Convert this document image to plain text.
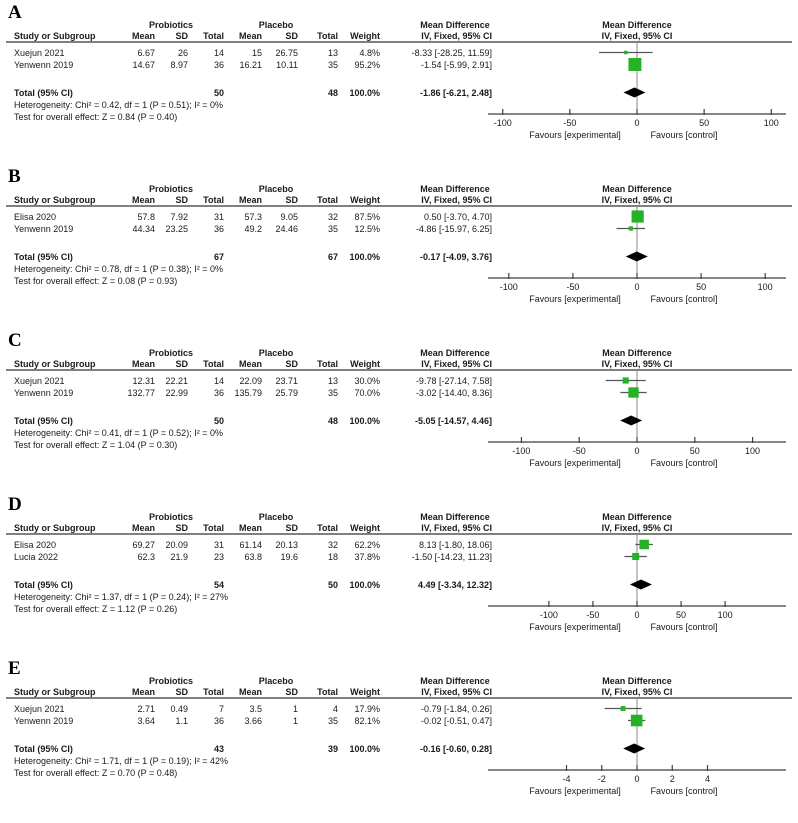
A
Probiotics	Placebo	Mean Difference	Mean Difference
Study or Subgroup	Mean SD Total Mean	SD Total Weight	IV, Fixed, 95% CI	IV, Fixed, 95% CI
Xuejun 2021	6.67	26	14	15 26.75	13 4.8%	-8.33 [-28.25, 11.59]
Yenwenn 2019	14.67 8.97	36 16.21 10.11	35 95.2%	-1.54 [-5.99, 2.91]
Total (95% CI)	50	48 100.0%	-1.86 [-6.21, 2.48]
Heterogeneity: Chi² = 0.42, df = 1 (P = 0.51); I² = 0%
Test for overall effect: Z = 0.84 (P = 0.40)
-100	-50	0	50	100
Favours [experimental]	Favours [control]
B
Probiotics	Placebo	Mean Difference	Mean Difference
Study or Subgroup	Mean SD Total Mean	SD Total Weight	IV, Fixed, 95% CI	IV, Fixed, 95% CI
Elisa 2020	57.8 7.92	31 57.3 9.05	32 87.5%	0.50 [-3.70, 4.70]
Yenwenn 2019	44.34 23.25	36 49.2 24.46	35 12.5%	-4.86 [-15.97, 6.25]
Total (95% CI)	67	67 100.0%	-0.17 [-4.09, 3.76]
Heterogeneity: Chi² = 0.78, df = 1 (P = 0.38); I² = 0%
Test for overall effect: Z = 0.08 (P = 0.93)
-100	-50	0	50	100
Favours [experimental]	Favours [control]
C
Probiotics	Placebo	Mean Difference	Mean Difference
Study or Subgroup	Mean SD Total Mean	SD Total Weight	IV, Fixed, 95% CI	IV, Fixed, 95% CI
Xuejun 2021	12.31 22.21	14 22.09 23.71	13 30.0%	-9.78 [-27.14, 7.58]
Yenwenn 2019	132.77 22.99	36 135.79 25.79	35 70.0%	-3.02 [-14.40, 8.36]
Total (95% CI)	50	48 100.0%	-5.05 [-14.57, 4.46]
Heterogeneity: Chi² = 0.41, df = 1 (P = 0.52); I² = 0%
Test for overall effect: Z = 1.04 (P = 0.30)
-100	-50	0	50	100
Favours [experimental]	Favours [control]
D
Probiotics	Placebo	Mean Difference	Mean Difference
Study or Subgroup	Mean SD Total Mean	SD Total Weight	IV, Fixed, 95% CI	IV, Fixed, 95% CI
Elisa 2020	69.27 20.09	31 61.14 20.13	32 62.2%	8.13 [-1.80, 18.06]
Lucia 2022	62.3 21.9	23 63.8 19.6	18 37.8%	-1.50 [-14.23, 11.23]
Total (95% CI)	54	50 100.0%	4.49 [-3.34, 12.32]
Heterogeneity: Chi² = 1.37, df = 1 (P = 0.24); I² = 27%
Test for overall effect: Z = 1.12 (P = 0.26)
-100	-50	0	50	100
Favours [experimental]	Favours [control]
E
Probiotics	Placebo	Mean Difference	Mean Difference
Study or Subgroup	Mean SD Total Mean	SD Total Weight	IV, Fixed, 95% CI	IV, Fixed, 95% CI
Xuejun 2021	2.71 0.49	7	3.5	1	4 17.9%	-0.79 [-1.84, 0.26]
Yenwenn 2019	3.64 1.1	36 3.66	1	35 82.1%	-0.02 [-0.51, 0.47]
Total (95% CI)	43	39 100.0%	-0.16 [-0.60, 0.28]
Heterogeneity: Chi² = 1.71, df = 1 (P = 0.19); I² = 42%
Test for overall effect: Z = 0.70 (P = 0.48)
-4	-2	0	2	4
Favours [experimental]	Favours [control]
